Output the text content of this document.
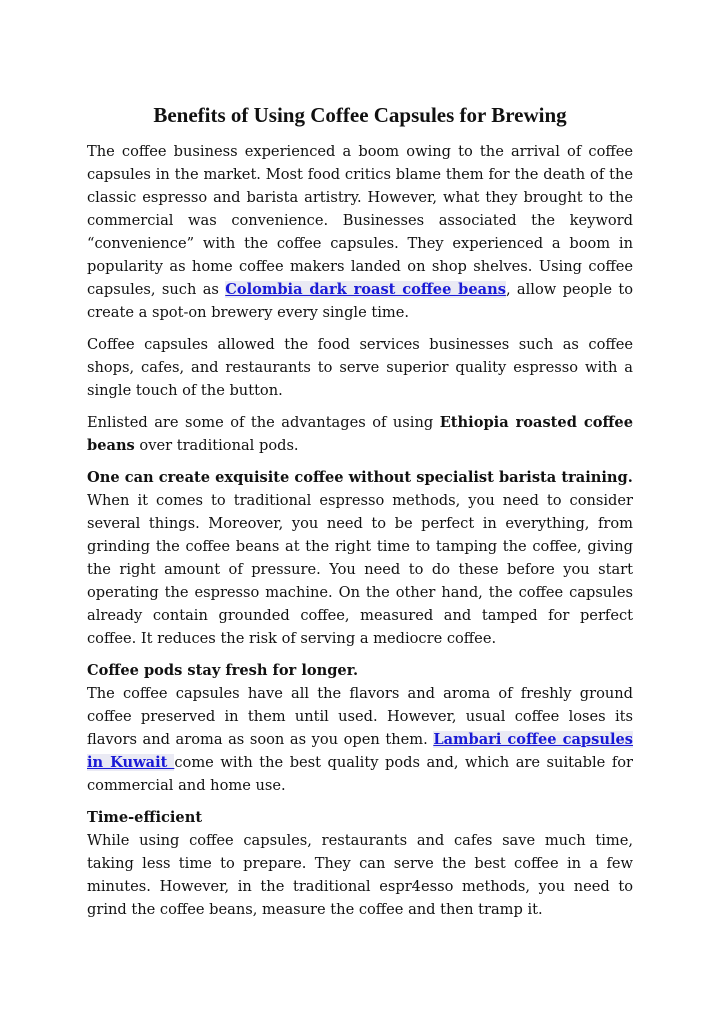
Benefits of Using Coffee Capsules for Brewing

The coffee business experienced a boom owing to the arrival of coffee capsules in the market. Most food critics blame them for the death of the classic espresso and barista artistry. However, what they brought to the commercial was convenience. Businesses associated the keyword “convenience” with the coffee capsules. They experienced a boom in popularity as home coffee makers landed on shop shelves. Using coffee capsules, such as Colombia dark roast coffee beans, allow people to create a spot-on brewery every single time.

Coffee capsules allowed the food services businesses such as coffee shops, cafes, and restaurants to serve superior quality espresso with a single touch of the button.

Enlisted are some of the advantages of using Ethiopia roasted coffee beans over traditional pods.

One can create exquisite coffee without specialist barista training.
When it comes to traditional espresso methods, you need to consider several things. Moreover, you need to be perfect in everything, from grinding the coffee beans at the right time to tamping the coffee, giving the right amount of pressure. You need to do these before you start operating the espresso machine. On the other hand, the coffee capsules already contain grounded coffee, measured and tamped for perfect coffee. It reduces the risk of serving a mediocre coffee.

Coffee pods stay fresh for longer.
The coffee capsules have all the flavors and aroma of freshly ground coffee preserved in them until used. However, usual coffee loses its flavors and aroma as soon as you open them. Lambari coffee capsules in Kuwait come with the best quality pods and, which are suitable for commercial and home use.

Time-efficient
While using coffee capsules, restaurants and cafes save much time, taking less time to prepare. They can serve the best coffee in a few minutes. However, in the traditional espr4esso methods, you need to grind the coffee beans, measure the coffee and then tramp it.
